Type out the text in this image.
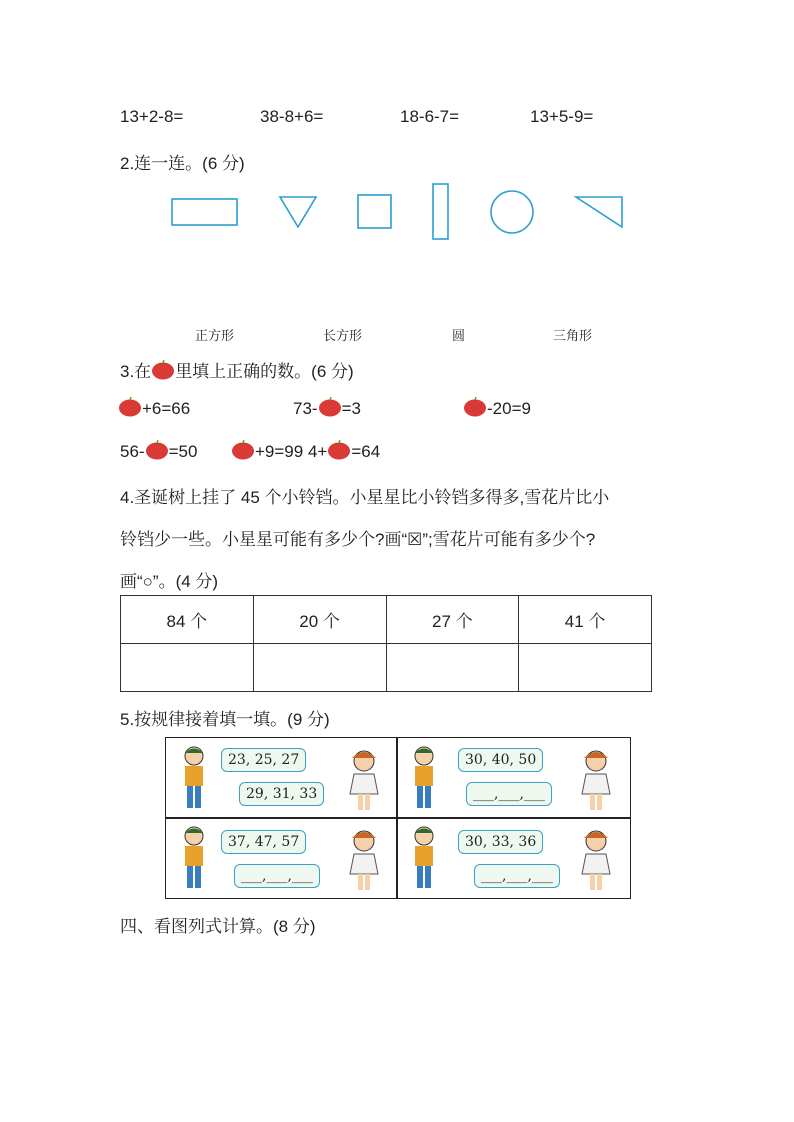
13+2-8=	38-8+6=	18-6-7=	13+5-9=
2.连一连。(6 分)
正方形	长方形	圆	三角形
3.在 里填上正确的数。(6 分)
+6=66	73- =3	-20=9
56- =50	+9=99 4+ =64
4.圣诞树上挂了 45 个小铃铛。小星星比小铃铛多得多,雪花片比小
铃铛少一些。小星星可能有多少个?画“☒”;雪花片可能有多少个?
画“○”。(4 分)
84 个	20 个	27 个	41 个

5.按规律接着填一填。(9 分)
23, 25, 27
29, 31, 33
30, 40, 50
___,___,___
37, 47, 57
___,___,___
30, 33, 36
___,___,___
四、看图列式计算。(8 分)
